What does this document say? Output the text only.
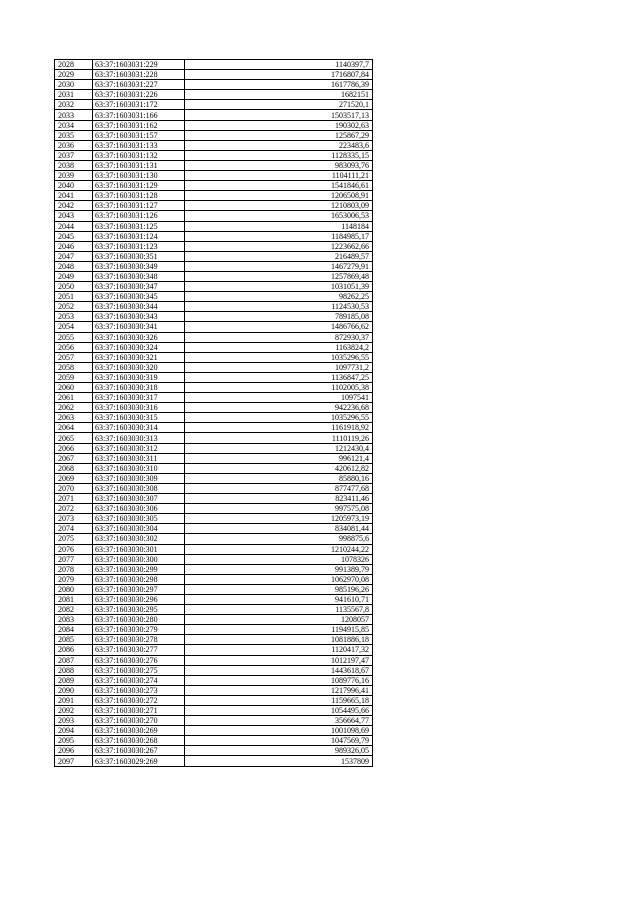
2028	63:37:1603031:229	1140397,7
2029	63:37:1603031:228	1716807,84
2030	63:37:1603031:227	1617786,39
2031	63:37:1603031:226	1682151
2032	63:37:1603031:172	271520,1
2033	63:37:1603031:166	1503517,13
2034	63:37:1603031:162	190302,63
2035	63:37:1603031:157	125867,29
2036	63:37:1603031:133	223483,6
2037	63:37:1603031:132	1128335,15
2038	63:37:1603031:131	983093,76
2039	63:37:1603031:130	1104111,21
2040	63:37:1603031:129	1541846,61
2041	63:37:1603031:128	1206508,91
2042	63:37:1603031:127	1210803,09
2043	63:37:1603031:126	1653006,53
2044	63:37:1603031:125	1148184
2045	63:37:1603031:124	1184985,17
2046	63:37:1603031:123	1223662,66
2047	63:37:1603030:351	216489,57
2048	63:37:1603030:349	1467279,91
2049	63:37:1603030:348	1257869,48
2050	63:37:1603030:347	1031051,39
2051	63:37:1603030:345	98262,25
2052	63:37:1603030:344	1124530,53
2053	63:37:1603030:343	789185,08
2054	63:37:1603030:341	1486766,62
2055	63:37:1603030:326	872930,37
2056	63:37:1603030:324	1163824,2
2057	63:37:1603030:321	1035296,55
2058	63:37:1603030:320	1097731,2
2059	63:37:1603030:319	1136847,25
2060	63:37:1603030:318	1102005,38
2061	63:37:1603030:317	1097541
2062	63:37:1603030:316	942236,68
2063	63:37:1603030:315	1035296,55
2064	63:37:1603030:314	1161918,92
2065	63:37:1603030:313	1110119,26
2066	63:37:1603030:312	1212430,4
2067	63:37:1603030:311	996121,4
2068	63:37:1603030:310	420612,82
2069	63:37:1603030:309	85880,16
2070	63:37:1603030:308	877477,68
2071	63:37:1603030:307	823411,46
2072	63:37:1603030:306	997575,08
2073	63:37:1603030:305	1205973,19
2074	63:37:1603030:304	834081,44
2075	63:37:1603030:302	998875,6
2076	63:37:1603030:301	1210244,22
2077	63:37:1603030:300	1078326
2078	63:37:1603030:299	991389,79
2079	63:37:1603030:298	1062970,08
2080	63:37:1603030:297	985196,26
2081	63:37:1603030:296	941610,71
2082	63:37:1603030:295	1135567,8
2083	63:37:1603030:280	1208057
2084	63:37:1603030:279	1194915,85
2085	63:37:1603030:278	1081886,18
2086	63:37:1603030:277	1120417,32
2087	63:37:1603030:276	1012197,47
2088	63:37:1603030:275	1443618,67
2089	63:37:1603030:274	1089776,16
2090	63:37:1603030:273	1217996,41
2091	63:37:1603030:272	1159665,18
2092	63:37:1603030:271	1054495,66
2093	63:37:1603030:270	356664,77
2094	63:37:1603030:269	1001098,69
2095	63:37:1603030:268	1047569,79
2096	63:37:1603030:267	989326,05
2097	63:37:1603029:269	1537809
